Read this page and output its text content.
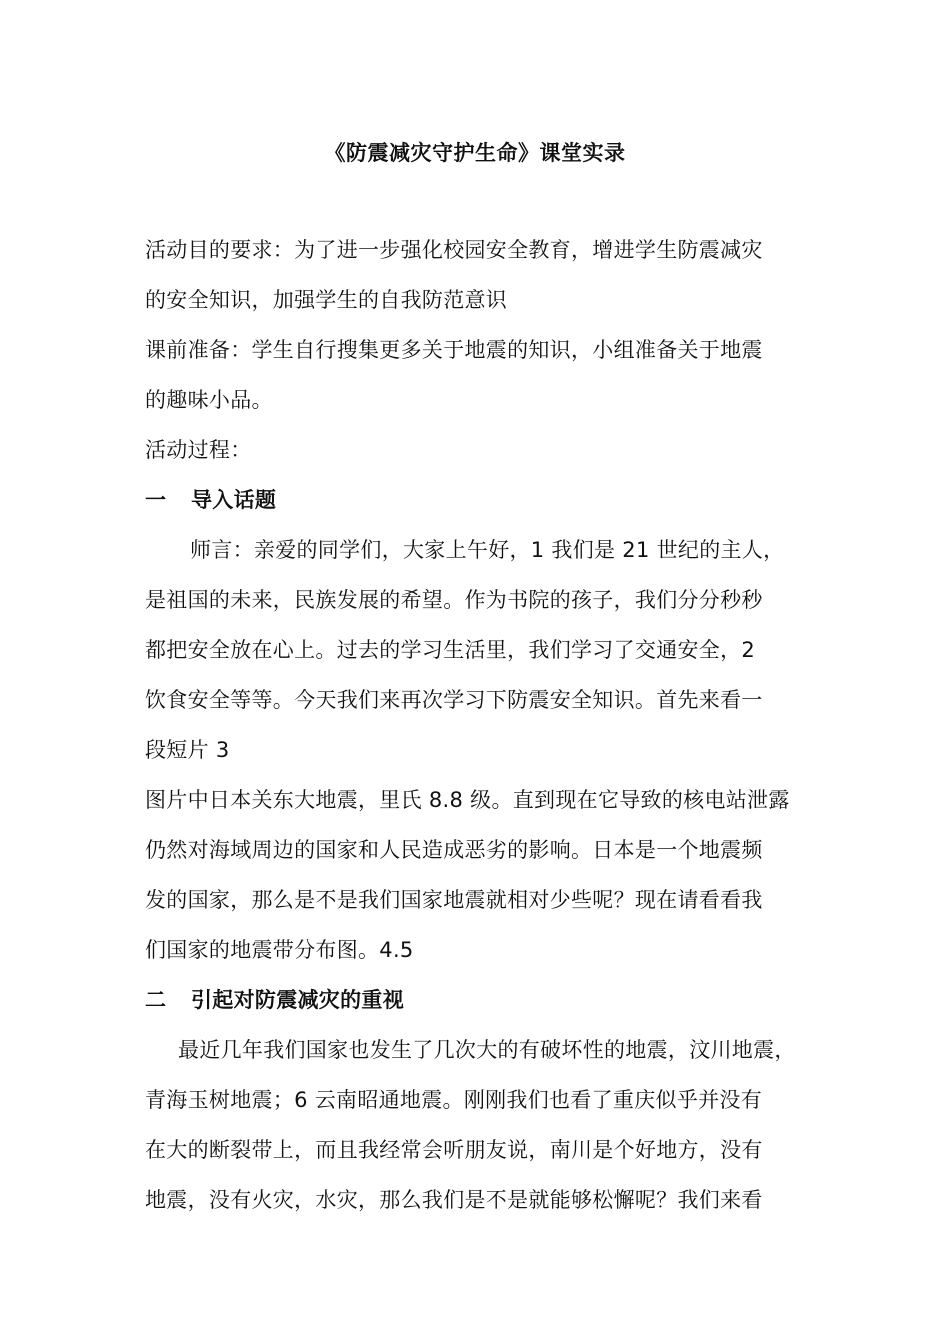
《防震减灾守护生命》课堂实录
活动目的要求：为了进一步强化校园安全教育，增进学生防震减灾
的安全知识，加强学生的自我防范意识
课前准备：学生自行搜集更多关于地震的知识，小组准备关于地震
的趣味小品。
活动过程：
一 导入话题
师言：亲爱的同学们，大家上午好，1 我们是 21 世纪的主人，
是祖国的未来，民族发展的希望。作为书院的孩子，我们分分秒秒
都把安全放在心上。过去的学习生活里，我们学习了交通安全，2
饮食安全等等。今天我们来再次学习下防震安全知识。首先来看一
段短片 3
图片中日本关东大地震，里氏 8.8 级。直到现在它导致的核电站泄露
仍然对海域周边的国家和人民造成恶劣的影响。日本是一个地震频
发的国家，那么是不是我们国家地震就相对少些呢？现在请看看我
们国家的地震带分布图。4.5
二 引起对防震减灾的重视
最近几年我们国家也发生了几次大的有破坏性的地震，汶川地震，
青海玉树地震；6 云南昭通地震。刚刚我们也看了重庆似乎并没有
在大的断裂带上，而且我经常会听朋友说，南川是个好地方，没有
地震，没有火灾，水灾，那么我们是不是就能够松懈呢？我们来看
